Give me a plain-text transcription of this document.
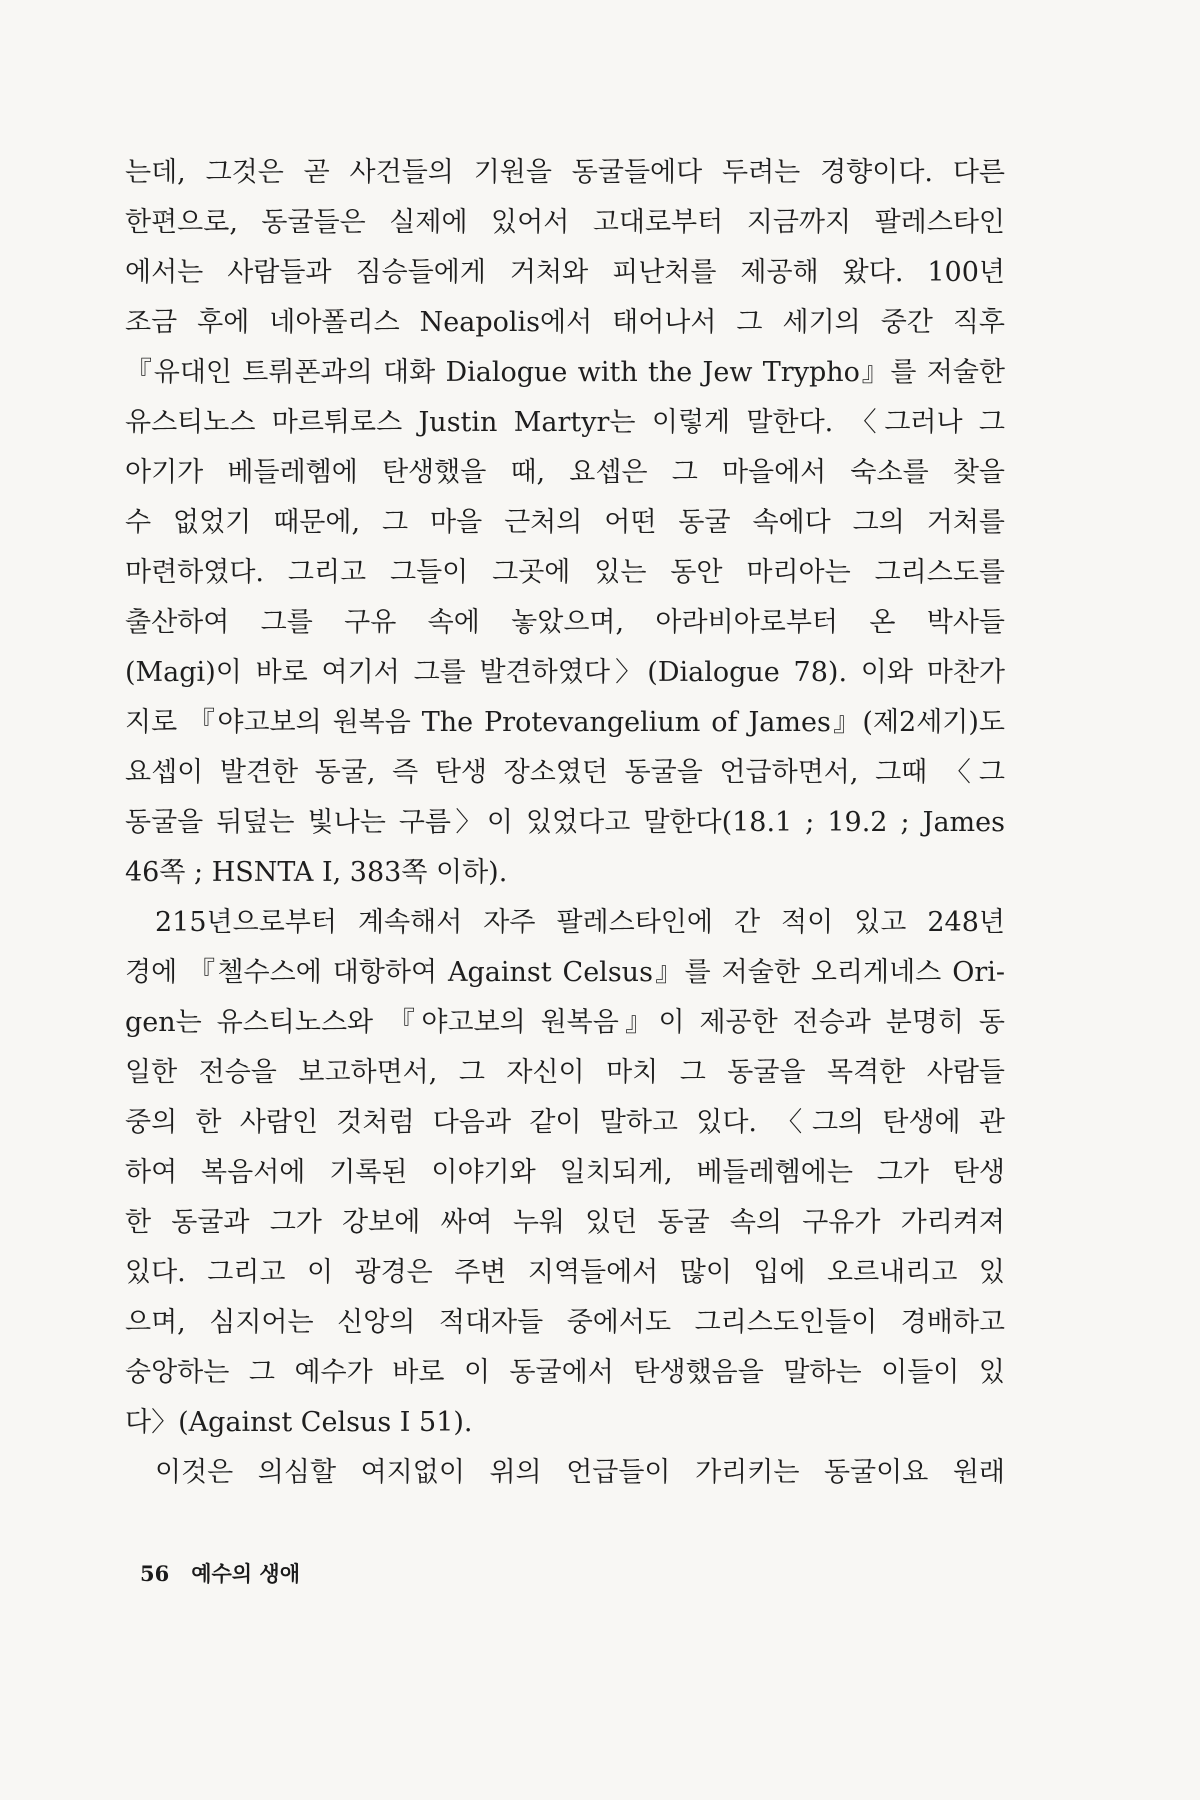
는데, 그것은 곧 사건들의 기원을 동굴들에다 두려는 경향이다. 다른
한편으로, 동굴들은 실제에 있어서 고대로부터 지금까지 팔레스타인
에서는 사람들과 짐승들에게 거처와 피난처를 제공해 왔다. 100년
조금 후에 네아폴리스 Neapolis에서 태어나서 그 세기의 중간 직후
『유대인 트뤼폰과의 대화 Dialogue with the Jew Trypho』를 저술한
유스티노스 마르튀로스 Justin Martyr는 이렇게 말한다. 〈그러나 그
아기가 베들레헴에 탄생했을 때, 요셉은 그 마을에서 숙소를 찾을
수 없었기 때문에, 그 마을 근처의 어떤 동굴 속에다 그의 거처를
마련하였다. 그리고 그들이 그곳에 있는 동안 마리아는 그리스도를
출산하여 그를 구유 속에 놓았으며, 아라비아로부터 온 박사들
(Magi)이 바로 여기서 그를 발견하였다〉(Dialogue 78). 이와 마찬가
지로 『야고보의 원복음 The Protevangelium of James』(제2세기)도
요셉이 발견한 동굴, 즉 탄생 장소였던 동굴을 언급하면서, 그때 〈그
동굴을 뒤덮는 빛나는 구름〉이 있었다고 말한다(18.1 ; 19.2 ; James
46쪽 ; HSNTA I, 383쪽 이하).
215년으로부터 계속해서 자주 팔레스타인에 간 적이 있고 248년
경에 『첼수스에 대항하여 Against Celsus』를 저술한 오리게네스 Ori-
gen는 유스티노스와 『야고보의 원복음』이 제공한 전승과 분명히 동
일한 전승을 보고하면서, 그 자신이 마치 그 동굴을 목격한 사람들
중의 한 사람인 것처럼 다음과 같이 말하고 있다. 〈그의 탄생에 관
하여 복음서에 기록된 이야기와 일치되게, 베들레헴에는 그가 탄생
한 동굴과 그가 강보에 싸여 누워 있던 동굴 속의 구유가 가리켜져
있다. 그리고 이 광경은 주변 지역들에서 많이 입에 오르내리고 있
으며, 심지어는 신앙의 적대자들 중에서도 그리스도인들이 경배하고
숭앙하는 그 예수가 바로 이 동굴에서 탄생했음을 말하는 이들이 있
다〉(Against Celsus I 51).
이것은 의심할 여지없이 위의 언급들이 가리키는 동굴이요 원래
56 예수의 생애
